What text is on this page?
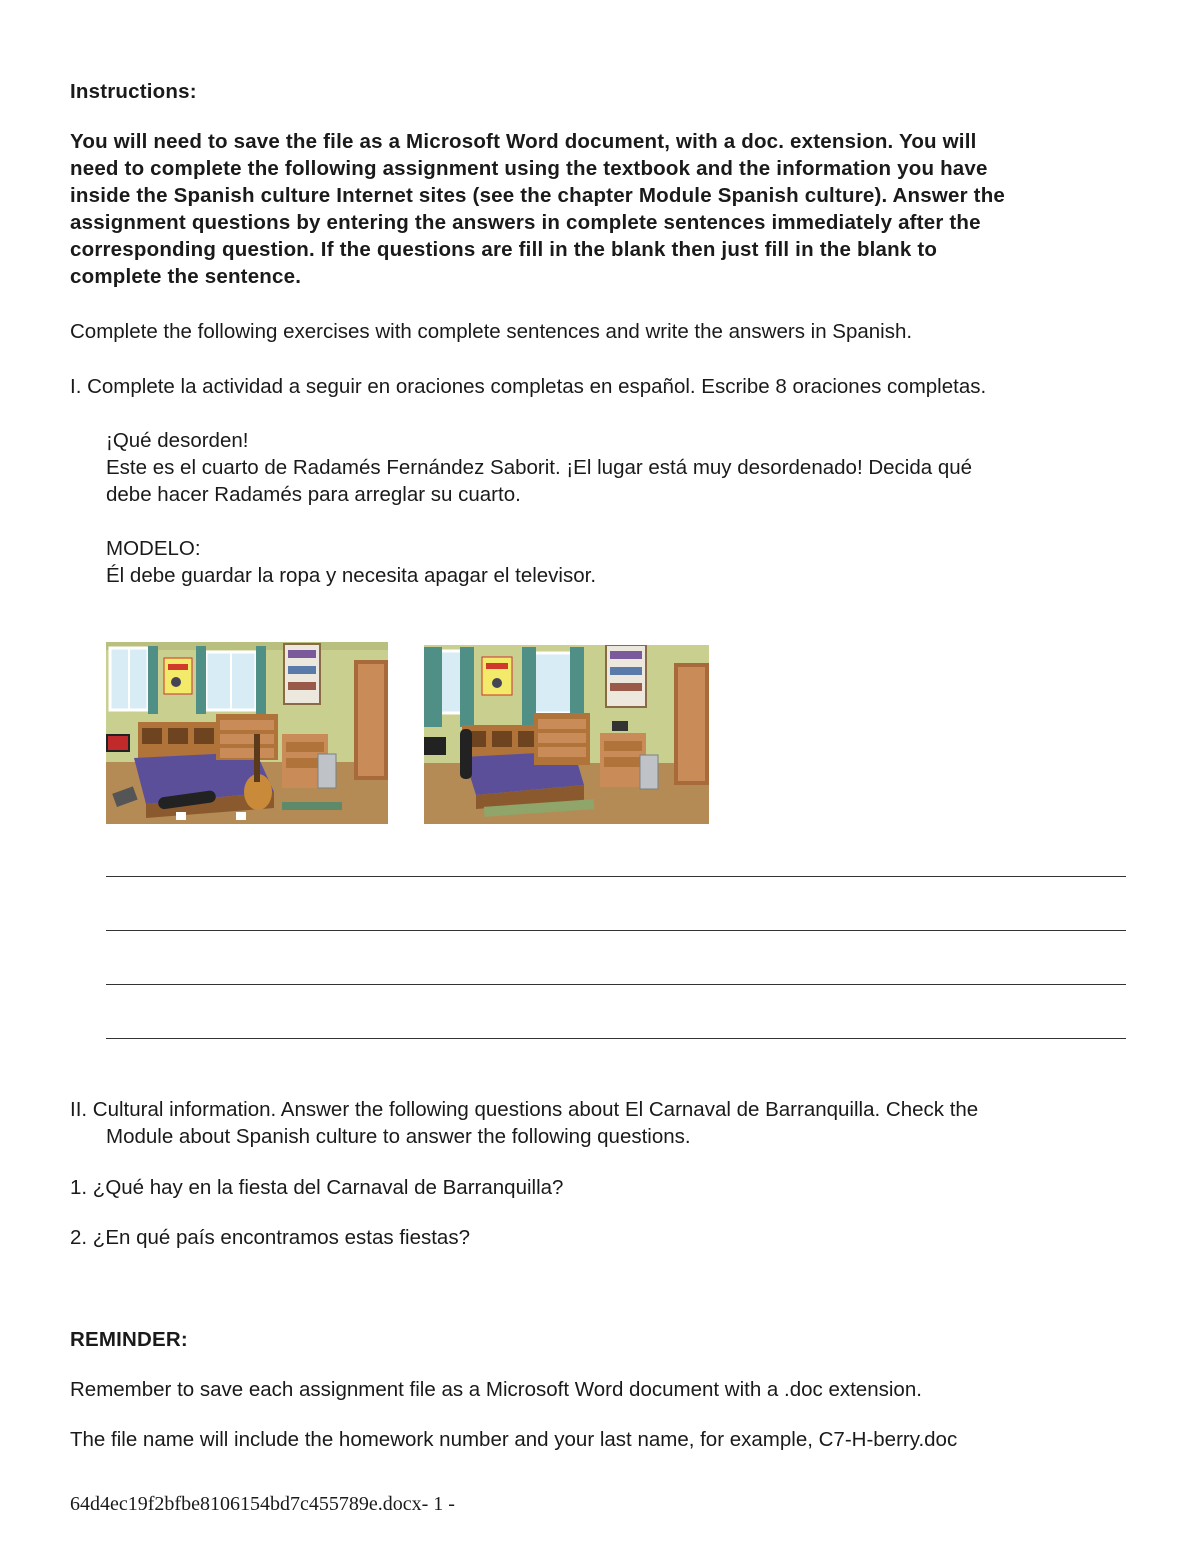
Instructions:
You will need to save the file as a Microsoft Word document, with a doc. extension. You will
need to complete the following assignment using the textbook and the information you have
inside the Spanish culture Internet sites (see the chapter Module Spanish culture). Answer the
assignment questions by entering the answers in complete sentences immediately after the
corresponding question. If the questions are fill in the blank then just fill in the blank to
complete the sentence.
Complete the following exercises with complete sentences and write the answers in Spanish.
I. Complete la actividad a seguir en oraciones completas en español. Escribe 8 oraciones completas.
¡Qué desorden!
Este es el cuarto de Radamés Fernández Saborit. ¡El lugar está muy desordenado! Decida qué
debe hacer Radamés para arreglar su cuarto.
MODELO:
Él debe guardar la ropa y necesita apagar el televisor.
II. Cultural information. Answer the following questions about El Carnaval de Barranquilla. Check the
Module about Spanish culture to answer the following questions.
1. ¿Qué hay en la fiesta del Carnaval de Barranquilla?
2. ¿En qué país encontramos estas fiestas?
REMINDER:
Remember to save each assignment file as a Microsoft Word document with a .doc extension.
The file name will include the homework number and your last name, for example, C7-H-berry.doc
64d4ec19f2bfbe8106154bd7c455789e.docx- 1 -
